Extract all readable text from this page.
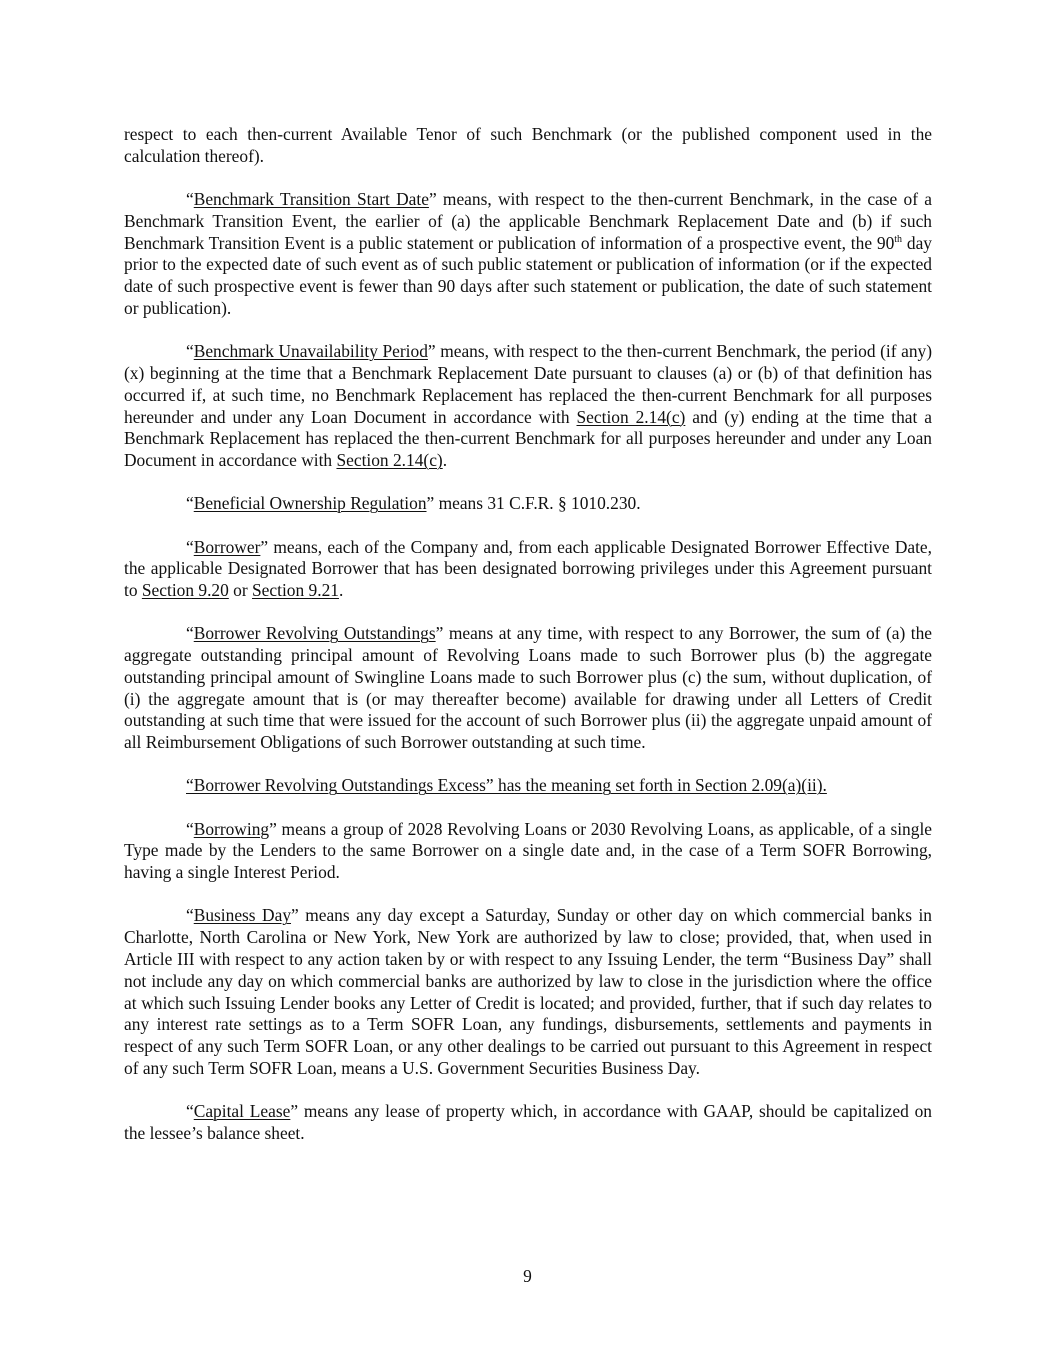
respect to each then-current Available Tenor of such Benchmark (or the published component used in the calculation thereof).

“Benchmark Transition Start Date” means, with respect to the then-current Benchmark, in the case of a Benchmark Transition Event, the earlier of (a) the applicable Benchmark Replacement Date and (b) if such Benchmark Transition Event is a public statement or publication of information of a prospective event, the 90th day prior to the expected date of such event as of such public statement or publication of information (or if the expected date of such prospective event is fewer than 90 days after such statement or publication, the date of such statement or publication).

“Benchmark Unavailability Period” means, with respect to the then-current Benchmark, the period (if any) (x) beginning at the time that a Benchmark Replacement Date pursuant to clauses (a) or (b) of that definition has occurred if, at such time, no Benchmark Replacement has replaced the then-current Benchmark for all purposes hereunder and under any Loan Document in accordance with Section 2.14(c) and (y) ending at the time that a Benchmark Replacement has replaced the then-current Benchmark for all purposes hereunder and under any Loan Document in accordance with Section 2.14(c).

“Beneficial Ownership Regulation” means 31 C.F.R. § 1010.230.

“Borrower” means, each of the Company and, from each applicable Designated Borrower Effective Date, the applicable Designated Borrower that has been designated borrowing privileges under this Agreement pursuant to Section 9.20 or Section 9.21.

“Borrower Revolving Outstandings” means at any time, with respect to any Borrower, the sum of (a) the aggregate outstanding principal amount of Revolving Loans made to such Borrower plus (b) the aggregate outstanding principal amount of Swingline Loans made to such Borrower plus (c) the sum, without duplication, of (i) the aggregate amount that is (or may thereafter become) available for drawing under all Letters of Credit outstanding at such time that were issued for the account of such Borrower plus (ii) the aggregate unpaid amount of all Reimbursement Obligations of such Borrower outstanding at such time.

“Borrower Revolving Outstandings Excess” has the meaning set forth in Section 2.09(a)(ii).

“Borrowing” means a group of 2028 Revolving Loans or 2030 Revolving Loans, as applicable, of a single Type made by the Lenders to the same Borrower on a single date and, in the case of a Term SOFR Borrowing, having a single Interest Period.

“Business Day” means any day except a Saturday, Sunday or other day on which commercial banks in Charlotte, North Carolina or New York, New York are authorized by law to close; provided, that, when used in Article III with respect to any action taken by or with respect to any Issuing Lender, the term “Business Day” shall not include any day on which commercial banks are authorized by law to close in the jurisdiction where the office at which such Issuing Lender books any Letter of Credit is located; and provided, further, that if such day relates to any interest rate settings as to a Term SOFR Loan, any fundings, disbursements, settlements and payments in respect of any such Term SOFR Loan, or any other dealings to be carried out pursuant to this Agreement in respect of any such Term SOFR Loan, means a U.S. Government Securities Business Day.

“Capital Lease” means any lease of property which, in accordance with GAAP, should be capitalized on the lessee’s balance sheet.

9
